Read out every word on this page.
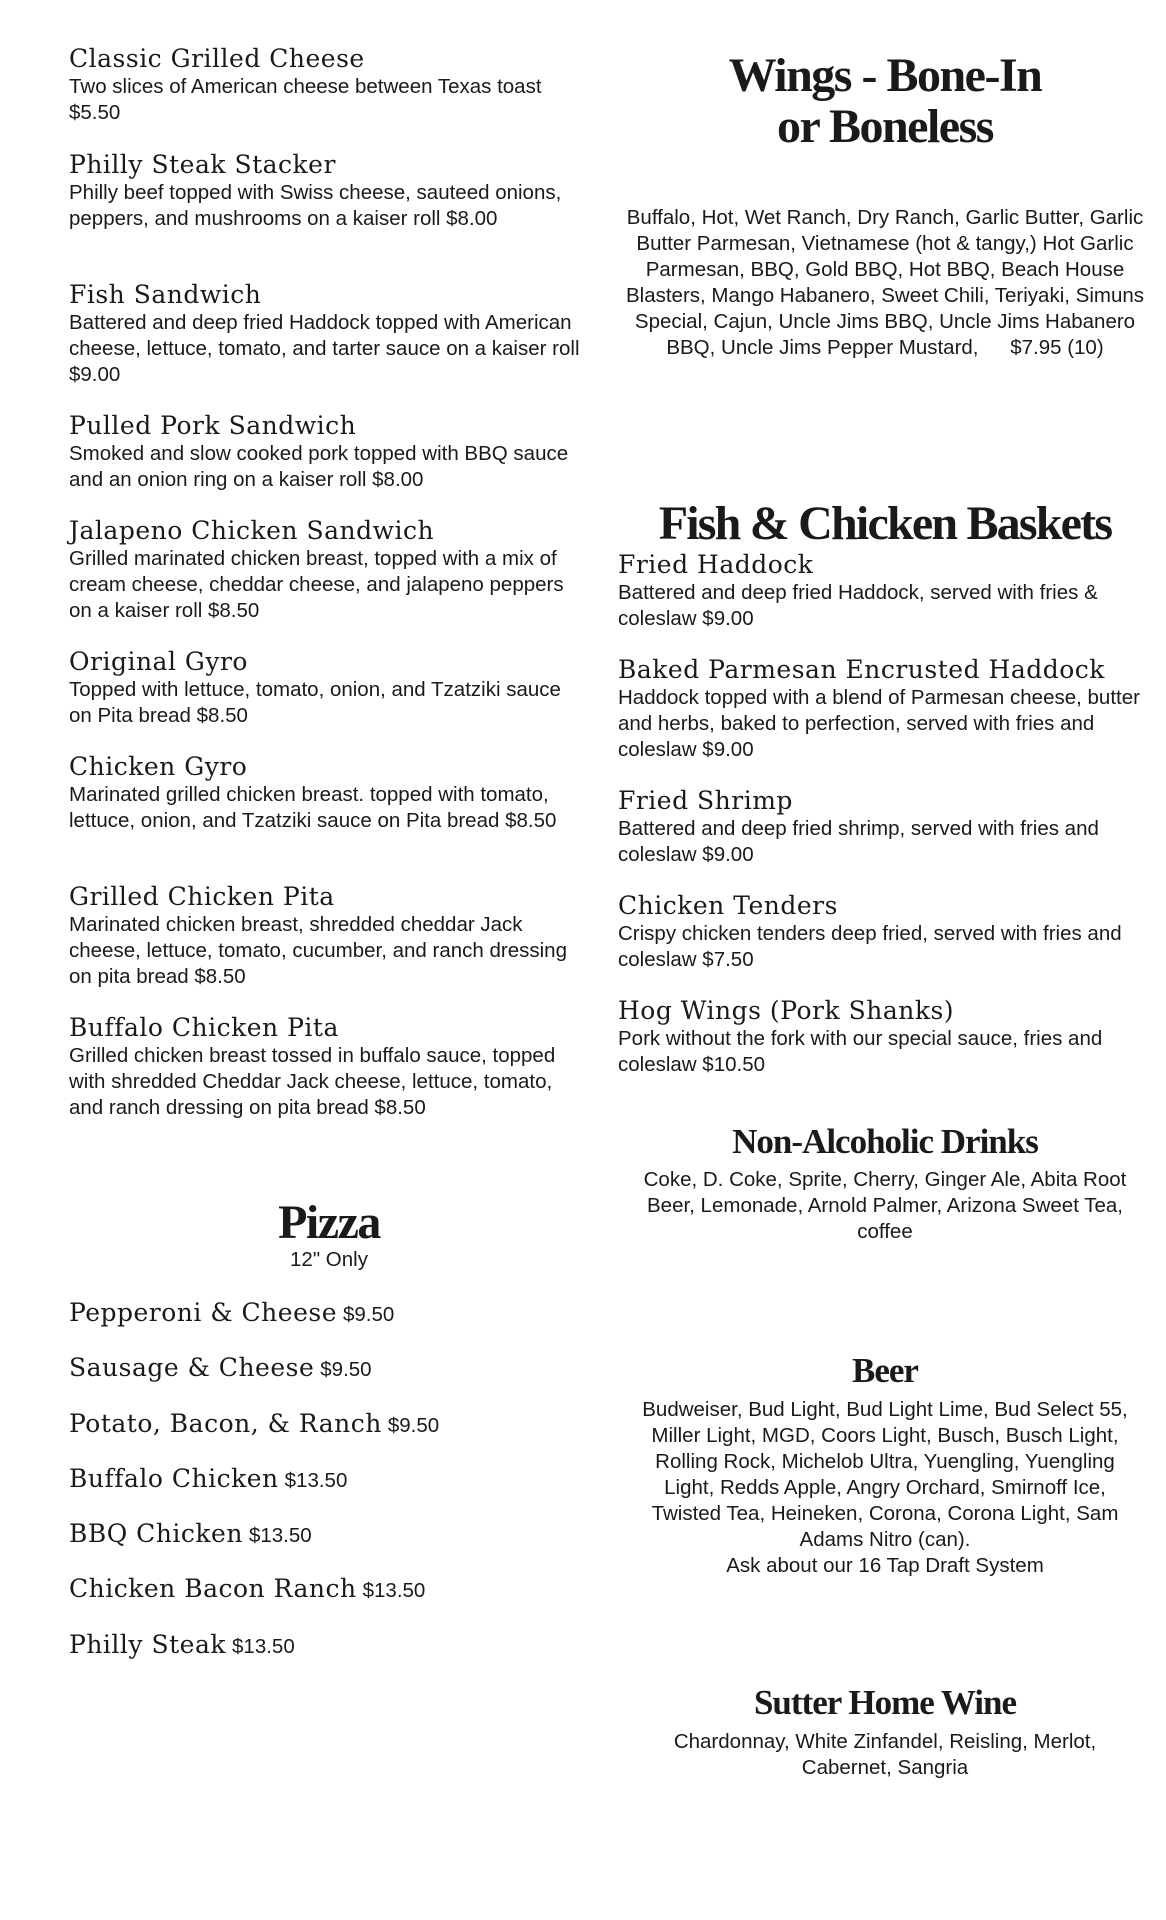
Classic Grilled Cheese
Two slices of American cheese between Texas toast $5.50
Philly Steak Stacker
Philly beef topped with Swiss cheese, sauteed onions, peppers, and mushrooms on a kaiser roll $8.00
Fish Sandwich
Battered and deep fried Haddock topped with American cheese, lettuce, tomato, and tarter sauce on a kaiser roll $9.00
Pulled Pork Sandwich
Smoked and slow cooked pork topped with BBQ sauce and an onion ring on a kaiser roll $8.00
Jalapeno Chicken Sandwich
Grilled marinated chicken breast, topped with a mix of cream cheese, cheddar cheese, and jalapeno peppers on a kaiser roll $8.50
Original Gyro
Topped with lettuce, tomato, onion, and Tzatziki sauce on Pita bread $8.50
Chicken Gyro
Marinated grilled chicken breast. topped with tomato, lettuce, onion, and Tzatziki sauce on Pita bread $8.50
Grilled Chicken Pita
Marinated chicken breast, shredded cheddar Jack cheese, lettuce, tomato, cucumber, and ranch dressing on pita bread $8.50
Buffalo Chicken Pita
Grilled chicken breast tossed in buffalo sauce, topped with shredded Cheddar Jack cheese, lettuce, tomato, and ranch dressing on pita bread $8.50
Pizza
12" Only
Pepperoni & Cheese $9.50
Sausage & Cheese $9.50
Potato, Bacon, & Ranch $9.50
Buffalo Chicken $13.50
BBQ Chicken $13.50
Chicken Bacon Ranch $13.50
Philly Steak $13.50
Wings - Bone-In
or Boneless
Buffalo, Hot, Wet Ranch, Dry Ranch, Garlic Butter, Garlic Butter Parmesan, Vietnamese (hot & tangy,) Hot Garlic Parmesan, BBQ, Gold BBQ, Hot BBQ, Beach House Blasters, Mango Habanero, Sweet Chili, Teriyaki, Simuns Special, Cajun, Uncle Jims BBQ, Uncle Jims Habanero BBQ, Uncle Jims Pepper Mustard, $7.95 (10)
Fish & Chicken Baskets
Fried Haddock
Battered and deep fried Haddock, served with fries & coleslaw $9.00
Baked Parmesan Encrusted Haddock
Haddock topped with a blend of Parmesan cheese, butter and herbs, baked to perfection, served with fries and coleslaw $9.00
Fried Shrimp
Battered and deep fried shrimp, served with fries and coleslaw $9.00
Chicken Tenders
Crispy chicken tenders deep fried, served with fries and coleslaw $7.50
Hog Wings (Pork Shanks)
Pork without the fork with our special sauce, fries and coleslaw $10.50
Non-Alcoholic Drinks
Coke, D. Coke, Sprite, Cherry, Ginger Ale, Abita Root Beer, Lemonade, Arnold Palmer, Arizona Sweet Tea, coffee
Beer
Budweiser, Bud Light, Bud Light Lime, Bud Select 55, Miller Light, MGD, Coors Light, Busch, Busch Light, Rolling Rock, Michelob Ultra, Yuengling, Yuengling Light, Redds Apple, Angry Orchard, Smirnoff Ice, Twisted Tea, Heineken, Corona, Corona Light, Sam Adams Nitro (can).
Ask about our 16 Tap Draft System
Sutter Home Wine
Chardonnay, White Zinfandel, Reisling, Merlot, Cabernet, Sangria
